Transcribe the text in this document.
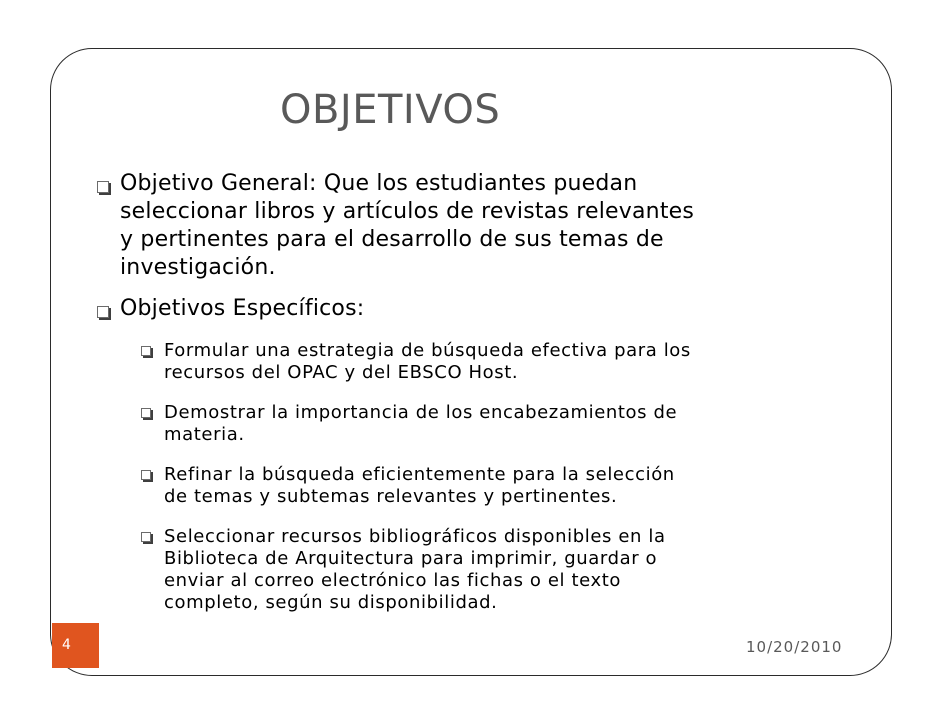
OBJETIVOS
Objetivo General: Que los estudiantes puedan
seleccionar libros y artículos de revistas relevantes
y pertinentes para el desarrollo de sus temas de
investigación.
Objetivos Específicos:
Formular una estrategia de búsqueda efectiva para los
recursos del OPAC y del EBSCO Host.
Demostrar la importancia de los encabezamientos de
materia.
Refinar la búsqueda eficientemente para la selección
de temas y subtemas relevantes y pertinentes.
Seleccionar recursos bibliográficos disponibles en la
Biblioteca de Arquitectura para imprimir, guardar o
enviar al correo electrónico las fichas o el texto
completo, según su disponibilidad.
4	10/20/2010
